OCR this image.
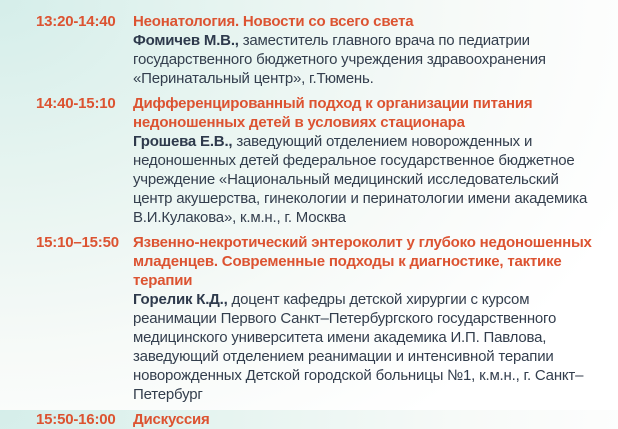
13:20-14:40	Неонатология. Новости со всего света

Фомичев М.В., заместитель главного врача по педиатрии государственного бюджетного учреждения здравоохранения «Перинатальный центр», г.Тюмень.

14:40-15:10	Дифференцированный подход к организации питания недоношенных детей в условиях стационара

Грошева Е.В., заведующий отделением новорожденных и недоношенных детей федеральное государственное бюджетное учреждение «Национальный медицинский исследовательский центр акушерства, гинекологии и перинатологии имени академика В.И.Кулакова», к.м.н., г. Москва

15:10–15:50 Язвенно-некротический энтероколит у глубоко недоношенных младенцев. Современные подходы к диагностике, тактике терапии

Горелик К.Д., доцент кафедры детской хирургии с курсом реанимации Первого Санкт–Петербургского государственного медицинского университета имени академика И.П. Павлова, заведующий отделением реанимации и интенсивной терапии новорожденных Детской городской больницы №1, к.м.н., г. Санкт–Петербург

15:50-16:00	Дискуссия
